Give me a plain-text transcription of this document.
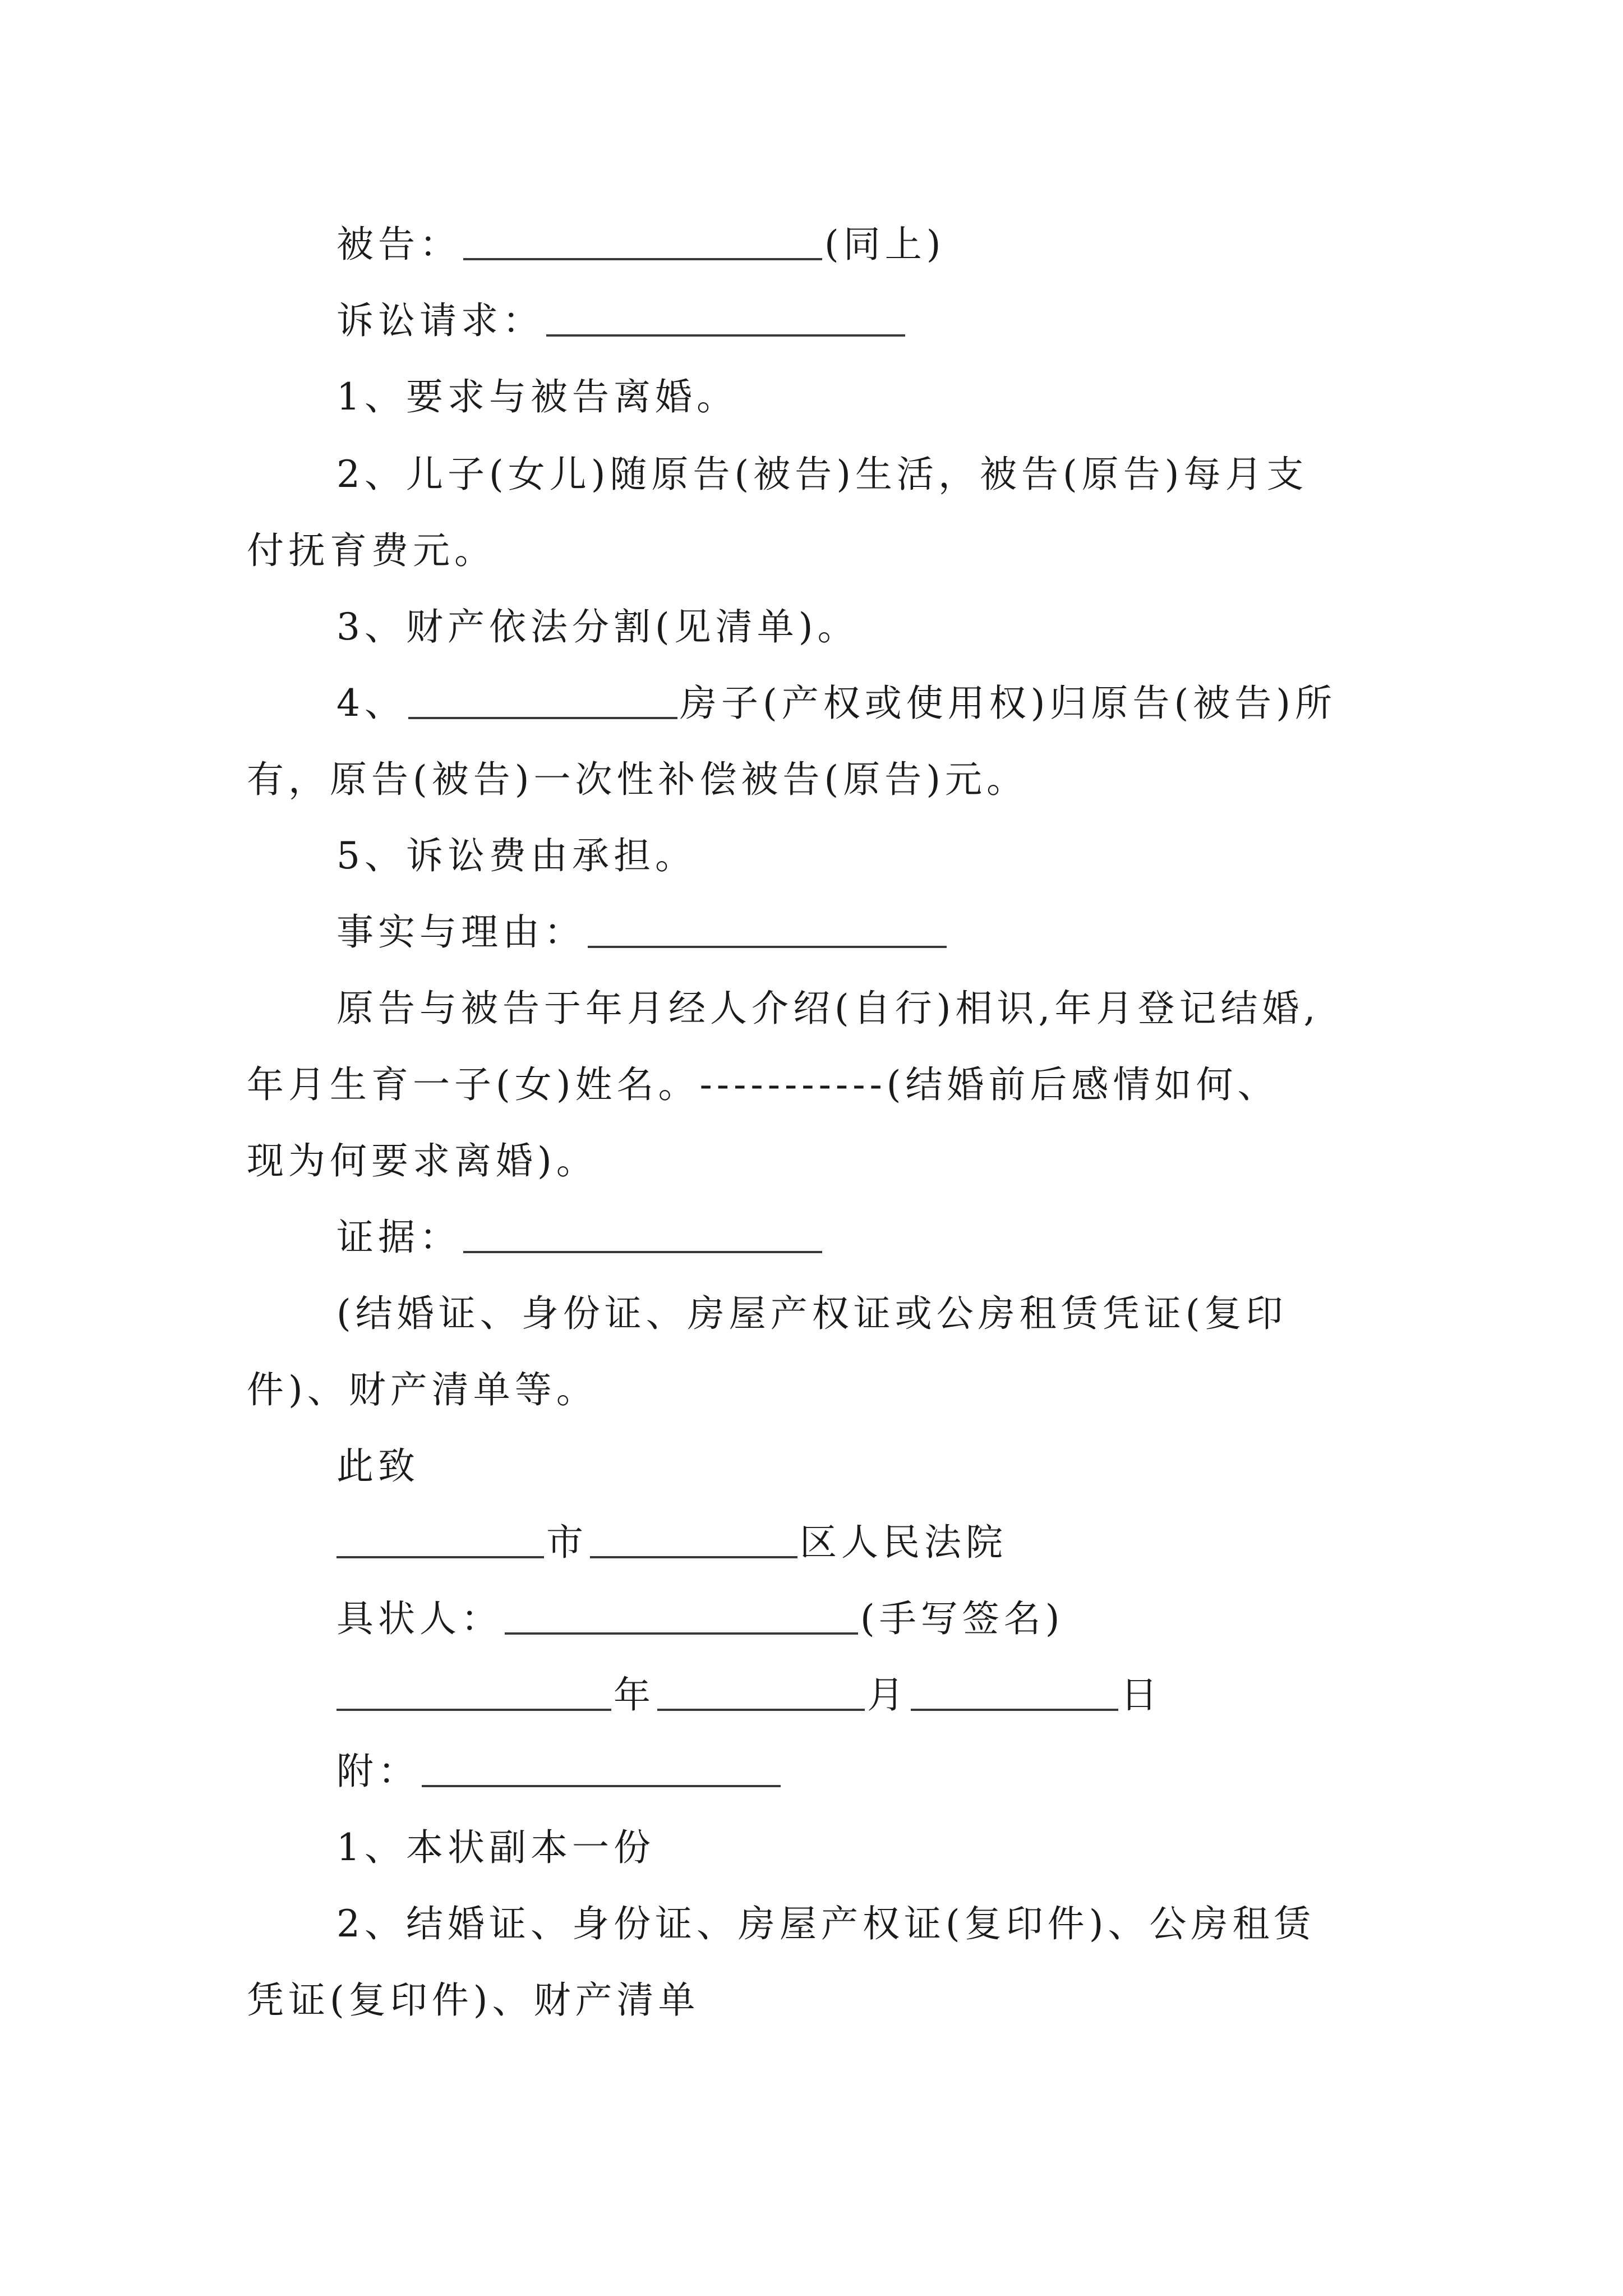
被告：	(同上)
诉讼请求：
1、要求与被告离婚。
2、儿子(女儿)随原告(被告)生活，被告(原告)每月支
付抚育费元。
3、财产依法分割(见清单)。
4、	房子(产权或使用权)归原告(被告)所
有，原告(被告)一次性补偿被告(原告)元。
5、诉讼费由承担。
事实与理由：
原告与被告于年月经人介绍(自行)相识,年月登记结婚,
年月生育一子(女)姓名。-----------(结婚前后感情如何、
现为何要求离婚)。
证据：
(结婚证、身份证、房屋产权证或公房租赁凭证(复印
件)、财产清单等。
此致
市	区人民法院
具状人：	(手写签名)
年	月	日
附：
1、本状副本一份
2、结婚证、身份证、房屋产权证(复印件)、公房租赁
凭证(复印件)、财产清单
